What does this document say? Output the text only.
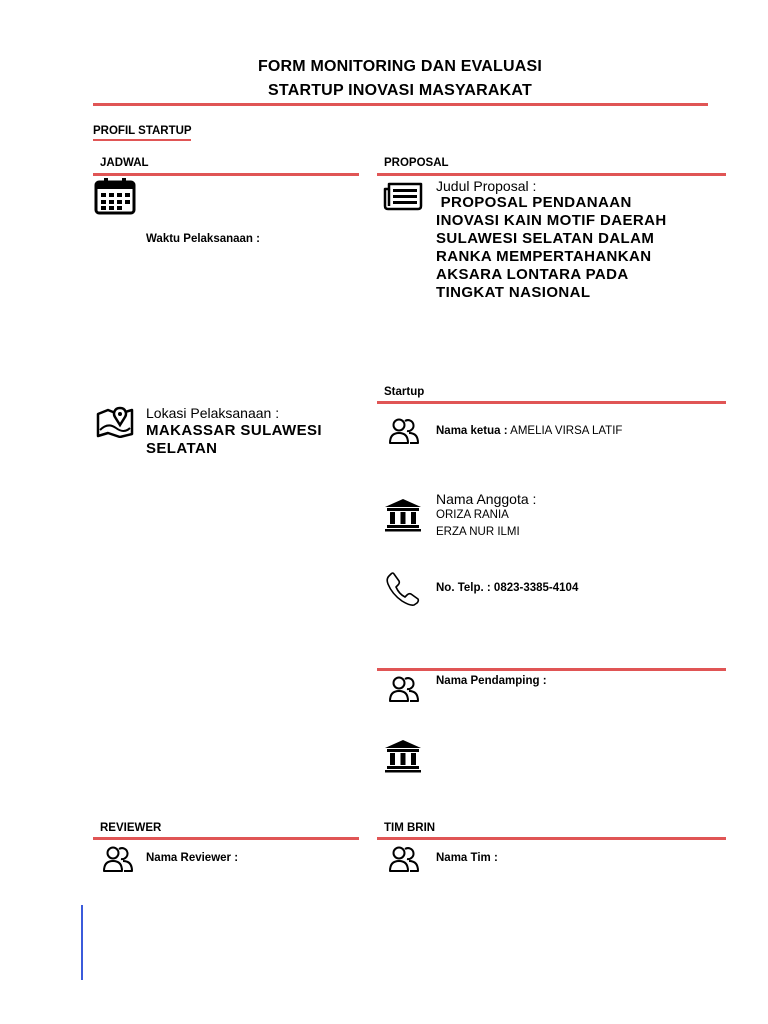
FORM MONITORING DAN EVALUASI
STARTUP INOVASI MASYARAKAT
PROFIL STARTUP
JADWAL
Waktu Pelaksanaan :
Lokasi Pelaksanaan :
MAKASSAR SULAWESI
SELATAN
PROPOSAL
Judul Proposal :
PROPOSAL PENDANAAN
INOVASI KAIN MOTIF DAERAH
SULAWESI SELATAN DALAM
RANKA MEMPERTAHANKAN
AKSARA LONTARA PADA
TINGKAT NASIONAL
Startup
Nama ketua : AMELIA VIRSA LATIF
Nama Anggota :
ORIZA RANIA
ERZA NUR ILMI
No. Telp. : 0823-3385-4104
Nama Pendamping :
REVIEWER
Nama Reviewer :
TIM BRIN
Nama Tim :
